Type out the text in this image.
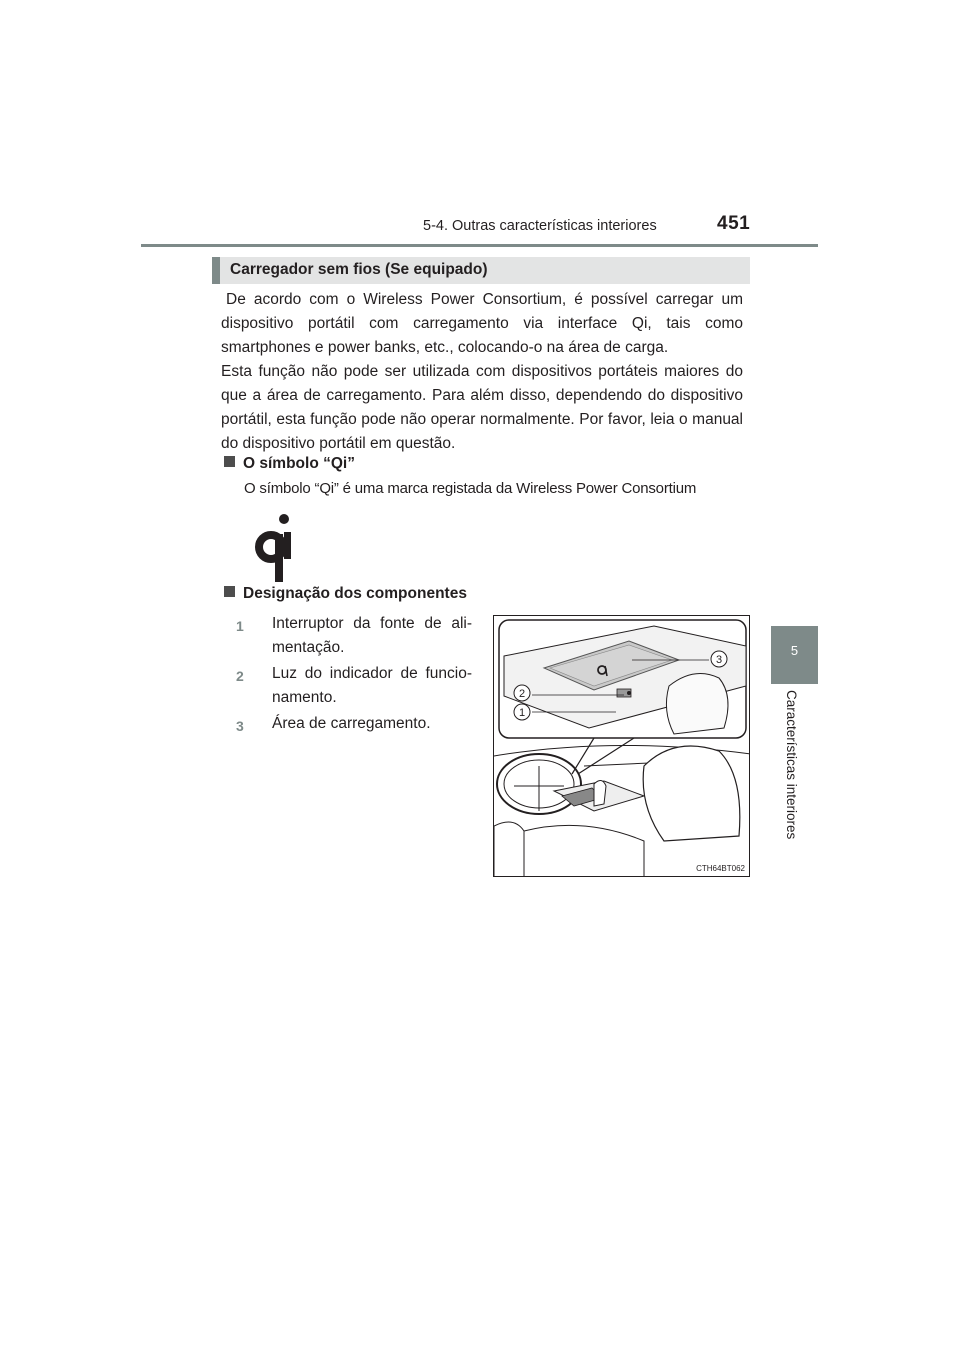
5-4. Outras características interiores	451
5
Características interiores
Carregador sem fios (Se equipado)

De acordo com o Wireless Power Consortium, é possível carregar um dispositivo portátil com carregamento via interface Qi, tais como smartphones e power banks, etc., colocando-o na área de carga.

Esta função não pode ser utilizada com dispositivos portáteis maiores do que a área de carregamento. Para além disso, dependendo do dispositivo portátil, esta função pode não operar normalmente. Por favor, leia o manual do dispositivo portátil em questão.

O símbolo “Qi”
O símbolo “Qi” é uma marca registada da Wireless Power Consortium
Designação dos componentes
1 Interruptor da fonte de ali-mentação.
2 Luz do indicador de funcio-namento.
3 Área de carregamento.
3
2
1
CTH64BT062
